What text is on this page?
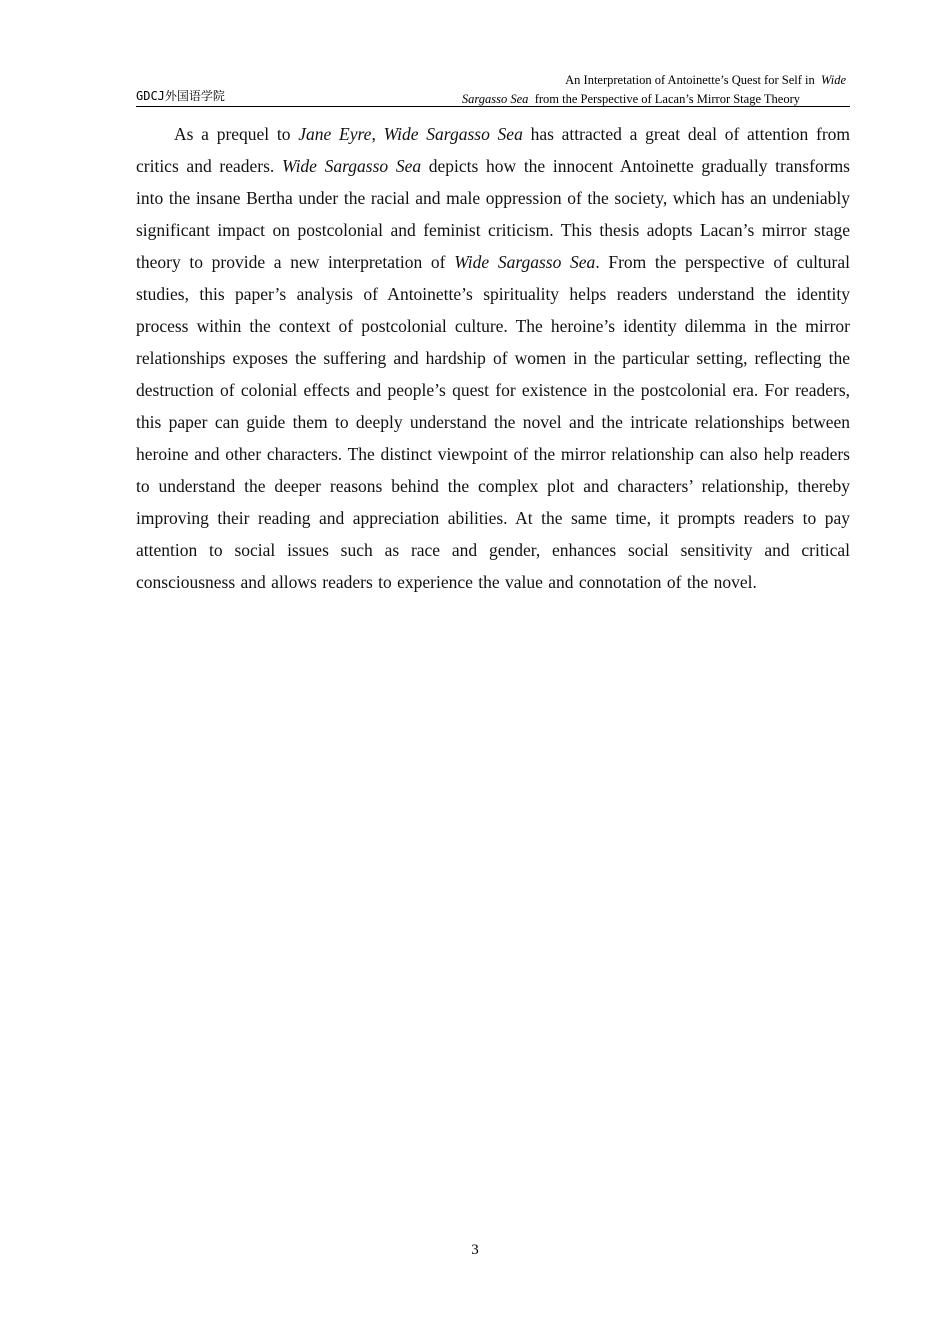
GDCJ外国语学院
An Interpretation of Antoinette’s Quest for Self in Wide
Sargasso Sea from the Perspective of Lacan’s Mirror Stage Theory

As a prequel to Jane Eyre, Wide Sargasso Sea has attracted a great deal of attention from critics and readers. Wide Sargasso Sea depicts how the innocent Antoinette gradually transforms into the insane Bertha under the racial and male oppression of the society, which has an undeniably significant impact on postcolonial and feminist criticism. This thesis adopts Lacan’s mirror stage theory to provide a new interpretation of Wide Sargasso Sea. From the perspective of cultural studies, this paper’s analysis of Antoinette’s spirituality helps readers understand the identity process within the context of postcolonial culture. The heroine’s identity dilemma in the mirror relationships exposes the suffering and hardship of women in the particular setting, reflecting the destruction of colonial effects and people’s quest for existence in the postcolonial era. For readers, this paper can guide them to deeply understand the novel and the intricate relationships between heroine and other characters. The distinct viewpoint of the mirror relationship can also help readers to understand the deeper reasons behind the complex plot and characters’ relationship, thereby improving their reading and appreciation abilities. At the same time, it prompts readers to pay attention to social issues such as race and gender, enhances social sensitivity and critical consciousness and allows readers to experience the value and connotation of the novel.

3
